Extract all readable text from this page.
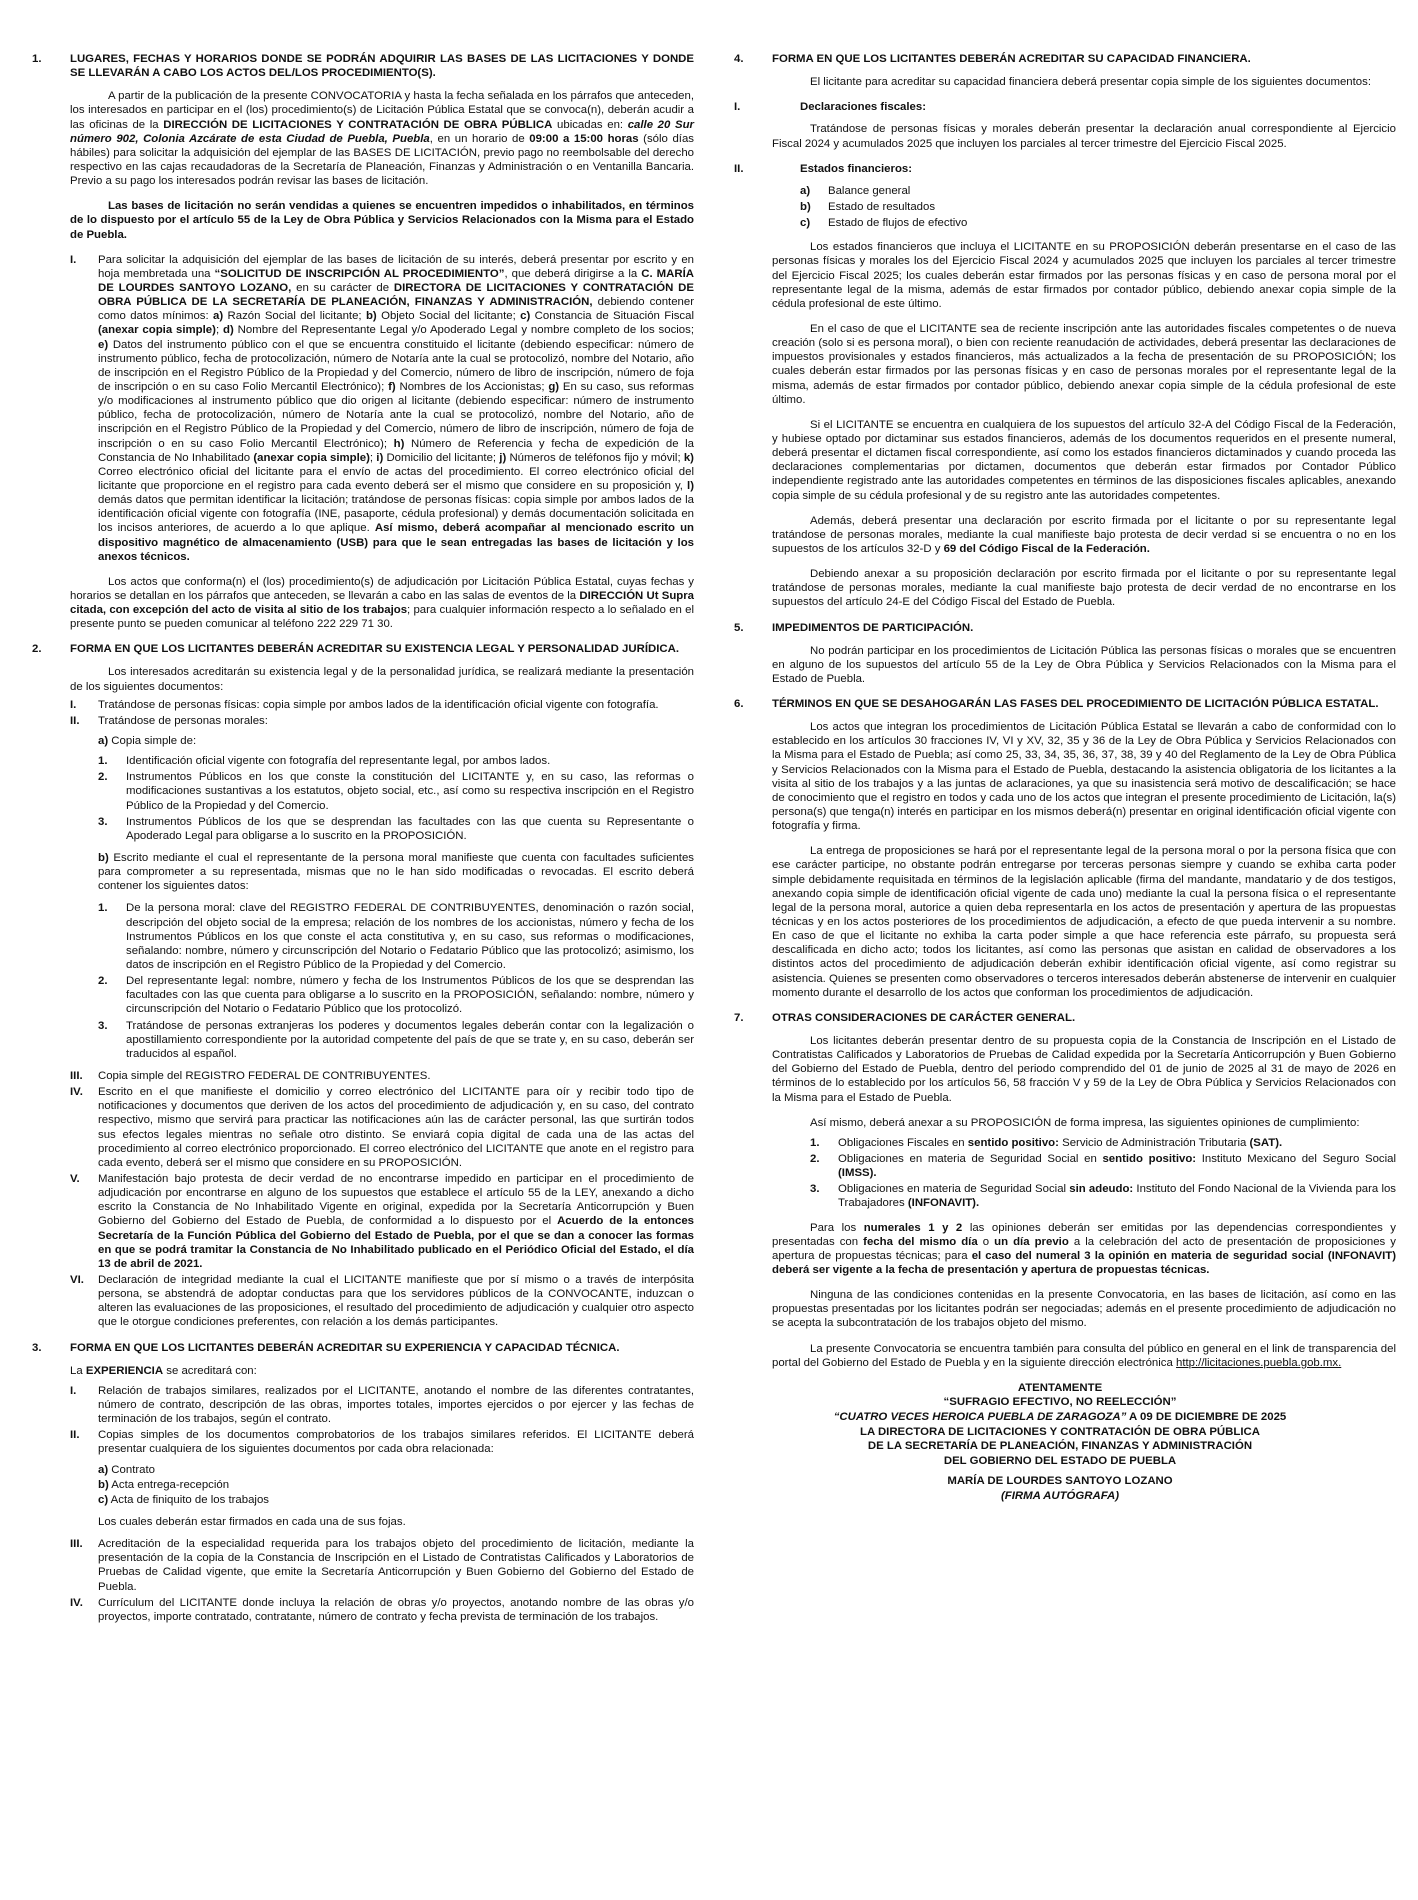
1.	LUGARES, FECHAS Y HORARIOS DONDE SE PODRÁN ADQUIRIR LAS BASES DE LAS LICITACIONES Y DONDE SE LLEVARÁN A CABO LOS ACTOS DEL/LOS PROCEDIMIENTO(S).

A partir de la publicación de la presente CONVOCATORIA y hasta la fecha señalada en los párrafos que anteceden, los interesados en participar en el (los) procedimiento(s) de Licitación Pública Estatal que se convoca(n), deberán acudir a las oficinas de la DIRECCIÓN DE LICITACIONES Y CONTRATACIÓN DE OBRA PÚBLICA ubicadas en: calle 20 Sur número 902, Colonia Azcárate de esta Ciudad de Puebla, Puebla, en un horario de 09:00 a 15:00 horas (sólo días hábiles) para solicitar la adquisición del ejemplar de las BASES DE LICITACIÓN, previo pago no reembolsable del derecho respectivo en las cajas recaudadoras de la Secretaría de Planeación, Finanzas y Administración o en Ventanilla Bancaria. Previo a su pago los interesados podrán revisar las bases de licitación.

Las bases de licitación no serán vendidas a quienes se encuentren impedidos o inhabilitados, en términos de lo dispuesto por el artículo 55 de la Ley de Obra Pública y Servicios Relacionados con la Misma para el Estado de Puebla.

I.	Para solicitar la adquisición del ejemplar de las bases de licitación de su interés, deberá presentar por escrito y en hoja membretada una “SOLICITUD DE INSCRIPCIÓN AL PROCEDIMIENTO”, que deberá dirigirse a la C. MARÍA DE LOURDES SANTOYO LOZANO, en su carácter de DIRECTORA DE LICITACIONES Y CONTRATACIÓN DE OBRA PÚBLICA DE LA SECRETARÍA DE PLANEACIÓN, FINANZAS Y ADMINISTRACIÓN, debiendo contener como datos mínimos: a) Razón Social del licitante; b) Objeto Social del licitante; c) Constancia de Situación Fiscal (anexar copia simple); d) Nombre del Representante Legal y/o Apoderado Legal y nombre completo de los socios; e) Datos del instrumento público con el que se encuentra constituido el licitante (debiendo especificar: número de instrumento público, fecha de protocolización, número de Notaría ante la cual se protocolizó, nombre del Notario, año de inscripción en el Registro Público de la Propiedad y del Comercio, número de libro de inscripción, número de foja de inscripción o en su caso Folio Mercantil Electrónico); f) Nombres de los Accionistas; g) En su caso, sus reformas y/o modificaciones al instrumento público que dio origen al licitante (debiendo especificar: número de instrumento público, fecha de protocolización, número de Notaría ante la cual se protocolizó, nombre del Notario, año de inscripción en el Registro Público de la Propiedad y del Comercio, número de libro de inscripción, número de foja de inscripción o en su caso Folio Mercantil Electrónico); h) Número de Referencia y fecha de expedición de la Constancia de No Inhabilitado (anexar copia simple); i) Domicilio del licitante; j) Números de teléfonos fijo y móvil; k) Correo electrónico oficial del licitante para el envío de actas del procedimiento. El correo electrónico oficial del licitante que proporcione en el registro para cada evento deberá ser el mismo que considere en su proposición y, l) demás datos que permitan identificar la licitación; tratándose de personas físicas: copia simple por ambos lados de la identificación oficial vigente con fotografía (INE, pasaporte, cédula profesional) y demás documentación solicitada en los incisos anteriores, de acuerdo a lo que aplique. Así mismo, deberá acompañar al mencionado escrito un dispositivo magnético de almacenamiento (USB) para que le sean entregadas las bases de licitación y los anexos técnicos.

Los actos que conforma(n) el (los) procedimiento(s) de adjudicación por Licitación Pública Estatal, cuyas fechas y horarios se detallan en los párrafos que anteceden, se llevarán a cabo en las salas de eventos de la DIRECCIÓN Ut Supra citada, con excepción del acto de visita al sitio de los trabajos; para cualquier información respecto a lo señalado en el presente punto se pueden comunicar al teléfono 222 229 71 30.

2.	FORMA EN QUE LOS LICITANTES DEBERÁN ACREDITAR SU EXISTENCIA LEGAL Y PERSONALIDAD JURÍDICA.

Los interesados acreditarán su existencia legal y de la personalidad jurídica, se realizará mediante la presentación de los siguientes documentos:

I.	Tratándose de personas físicas: copia simple por ambos lados de la identificación oficial vigente con fotografía.
II.	Tratándose de personas morales:

a) Copia simple de:

1.	Identificación oficial vigente con fotografía del representante legal, por ambos lados.
2.	Instrumentos Públicos en los que conste la constitución del LICITANTE y, en su caso, las reformas o modificaciones sustantivas a los estatutos, objeto social, etc., así como su respectiva inscripción en el Registro Público de la Propiedad y del Comercio.
3.	Instrumentos Públicos de los que se desprendan las facultades con las que cuenta su Representante o Apoderado Legal para obligarse a lo suscrito en la PROPOSICIÓN.

b) Escrito mediante el cual el representante de la persona moral manifieste que cuenta con facultades suficientes para comprometer a su representada, mismas que no le han sido modificadas o revocadas. El escrito deberá contener los siguientes datos:

1.	De la persona moral: clave del REGISTRO FEDERAL DE CONTRIBUYENTES, denominación o razón social, descripción del objeto social de la empresa; relación de los nombres de los accionistas, número y fecha de los Instrumentos Públicos en los que conste el acta constitutiva y, en su caso, sus reformas o modificaciones, señalando: nombre, número y circunscripción del Notario o Fedatario Público que las protocolizó; asimismo, los datos de inscripción en el Registro Público de la Propiedad y del Comercio.
2.	Del representante legal: nombre, número y fecha de los Instrumentos Públicos de los que se desprendan las facultades con las que cuenta para obligarse a lo suscrito en la PROPOSICIÓN, señalando: nombre, número y circunscripción del Notario o Fedatario Público que los protocolizó.
3.	Tratándose de personas extranjeras los poderes y documentos legales deberán contar con la legalización o apostillamiento correspondiente por la autoridad competente del país de que se trate y, en su caso, deberán ser traducidos al español.
III.	Copia simple del REGISTRO FEDERAL DE CONTRIBUYENTES.
IV.	Escrito en el que manifieste el domicilio y correo electrónico del LICITANTE para oír y recibir todo tipo de notificaciones y documentos que deriven de los actos del procedimiento de adjudicación y, en su caso, del contrato respectivo, mismo que servirá para practicar las notificaciones aún las de carácter personal, las que surtirán todos sus efectos legales mientras no señale otro distinto. Se enviará copia digital de cada una de las actas del procedimiento al correo electrónico proporcionado. El correo electrónico del LICITANTE que anote en el registro para cada evento, deberá ser el mismo que considere en su PROPOSICIÓN.
V.	Manifestación bajo protesta de decir verdad de no encontrarse impedido en participar en el procedimiento de adjudicación por encontrarse en alguno de los supuestos que establece el artículo 55 de la LEY, anexando a dicho escrito la Constancia de No Inhabilitado Vigente en original, expedida por la Secretaría Anticorrupción y Buen Gobierno del Gobierno del Estado de Puebla, de conformidad a lo dispuesto por el Acuerdo de la entonces Secretaría de la Función Pública del Gobierno del Estado de Puebla, por el que se dan a conocer las formas en que se podrá tramitar la Constancia de No Inhabilitado publicado en el Periódico Oficial del Estado, el día 13 de abril de 2021.
VI.	Declaración de integridad mediante la cual el LICITANTE manifieste que por sí mismo o a través de interpósita persona, se abstendrá de adoptar conductas para que los servidores públicos de la CONVOCANTE, induzcan o alteren las evaluaciones de las proposiciones, el resultado del procedimiento de adjudicación y cualquier otro aspecto que le otorgue condiciones preferentes, con relación a los demás participantes.
3.	FORMA EN QUE LOS LICITANTES DEBERÁN ACREDITAR SU EXPERIENCIA Y CAPACIDAD TÉCNICA.

La EXPERIENCIA se acreditará con:

I.	Relación de trabajos similares, realizados por el LICITANTE, anotando el nombre de las diferentes contratantes, número de contrato, descripción de las obras, importes totales, importes ejercidos o por ejercer y las fechas de terminación de los trabajos, según el contrato.
II.	Copias simples de los documentos comprobatorios de los trabajos similares referidos. El LICITANTE deberá presentar cualquiera de los siguientes documentos por cada obra relacionada:

a) Contrato

b) Acta entrega-recepción

c) Acta de finiquito de los trabajos

Los cuales deberán estar firmados en cada una de sus fojas.

III.	Acreditación de la especialidad requerida para los trabajos objeto del procedimiento de licitación, mediante la presentación de la copia de la Constancia de Inscripción en el Listado de Contratistas Calificados y Laboratorios de Pruebas de Calidad vigente, que emite la Secretaría Anticorrupción y Buen Gobierno del Gobierno del Estado de Puebla.
IV.	Currículum del LICITANTE donde incluya la relación de obras y/o proyectos, anotando nombre de las obras y/o proyectos, importe contratado, contratante, número de contrato y fecha prevista de terminación de los trabajos.
4.	FORMA EN QUE LOS LICITANTES DEBERÁN ACREDITAR SU CAPACIDAD FINANCIERA.

El licitante para acreditar su capacidad financiera deberá presentar copia simple de los siguientes documentos:

I.	Declaraciones fiscales:

Tratándose de personas físicas y morales deberán presentar la declaración anual correspondiente al Ejercicio Fiscal 2024 y acumulados 2025 que incluyen los parciales al tercer trimestre del Ejercicio Fiscal 2025.

II.	Estados financieros:
a)	Balance general
b)	Estado de resultados
c)	Estado de flujos de efectivo

Los estados financieros que incluya el LICITANTE en su PROPOSICIÓN deberán presentarse en el caso de las personas físicas y morales los del Ejercicio Fiscal 2024 y acumulados 2025 que incluyen los parciales al tercer trimestre del Ejercicio Fiscal 2025; los cuales deberán estar firmados por las personas físicas y en caso de persona moral por el representante legal de la misma, además de estar firmados por contador público, debiendo anexar copia simple de la cédula profesional de este último.

En el caso de que el LICITANTE sea de reciente inscripción ante las autoridades fiscales competentes o de nueva creación (solo si es persona moral), o bien con reciente reanudación de actividades, deberá presentar las declaraciones de impuestos provisionales y estados financieros, más actualizados a la fecha de presentación de su PROPOSICIÓN; los cuales deberán estar firmados por las personas físicas y en caso de personas morales por el representante legal de la misma, además de estar firmados por contador público, debiendo anexar copia simple de la cédula profesional de este último.

Si el LICITANTE se encuentra en cualquiera de los supuestos del artículo 32-A del Código Fiscal de la Federación, y hubiese optado por dictaminar sus estados financieros, además de los documentos requeridos en el presente numeral, deberá presentar el dictamen fiscal correspondiente, así como los estados financieros dictaminados y cuando proceda las declaraciones complementarias por dictamen, documentos que deberán estar firmados por Contador Público independiente registrado ante las autoridades competentes en términos de las disposiciones fiscales aplicables, anexando copia simple de su cédula profesional y de su registro ante las autoridades competentes.

Además, deberá presentar una declaración por escrito firmada por el licitante o por su representante legal tratándose de personas morales, mediante la cual manifieste bajo protesta de decir verdad si se encuentra o no en los supuestos de los artículos 32-D y 69 del Código Fiscal de la Federación.

Debiendo anexar a su proposición declaración por escrito firmada por el licitante o por su representante legal tratándose de personas morales, mediante la cual manifieste bajo protesta de decir verdad de no encontrarse en los supuestos del artículo 24-E del Código Fiscal del Estado de Puebla.

5.	IMPEDIMENTOS DE PARTICIPACIÓN.

No podrán participar en los procedimientos de Licitación Pública las personas físicas o morales que se encuentren en alguno de los supuestos del artículo 55 de la Ley de Obra Pública y Servicios Relacionados con la Misma para el Estado de Puebla.

6.	TÉRMINOS EN QUE SE DESAHOGARÁN LAS FASES DEL PROCEDIMIENTO DE LICITACIÓN PÚBLICA ESTATAL.

Los actos que integran los procedimientos de Licitación Pública Estatal se llevarán a cabo de conformidad con lo establecido en los artículos 30 fracciones IV, VI y XV, 32, 35 y 36 de la Ley de Obra Pública y Servicios Relacionados con la Misma para el Estado de Puebla; así como 25, 33, 34, 35, 36, 37, 38, 39 y 40 del Reglamento de la Ley de Obra Pública y Servicios Relacionados con la Misma para el Estado de Puebla, destacando la asistencia obligatoria de los licitantes a la visita al sitio de los trabajos y a las juntas de aclaraciones, ya que su inasistencia será motivo de descalificación; se hace de conocimiento que el registro en todos y cada uno de los actos que integran el presente procedimiento de Licitación, la(s) persona(s) que tenga(n) interés en participar en los mismos deberá(n) presentar en original identificación oficial vigente con fotografía y firma.

La entrega de proposiciones se hará por el representante legal de la persona moral o por la persona física que con ese carácter participe, no obstante podrán entregarse por terceras personas siempre y cuando se exhiba carta poder simple debidamente requisitada en términos de la legislación aplicable (firma del mandante, mandatario y de dos testigos, anexando copia simple de identificación oficial vigente de cada uno) mediante la cual la persona física o el representante legal de la persona moral, autorice a quien deba representarla en los actos de presentación y apertura de las propuestas técnicas y en los actos posteriores de los procedimientos de adjudicación, a efecto de que pueda intervenir a su nombre. En caso de que el licitante no exhiba la carta poder simple a que hace referencia este párrafo, su propuesta será descalificada en dicho acto; todos los licitantes, así como las personas que asistan en calidad de observadores a los distintos actos del procedimiento de adjudicación deberán exhibir identificación oficial vigente, así como registrar su asistencia. Quienes se presenten como observadores o terceros interesados deberán abstenerse de intervenir en cualquier momento durante el desarrollo de los actos que conforman los procedimientos de adjudicación.

7.	OTRAS CONSIDERACIONES DE CARÁCTER GENERAL.

Los licitantes deberán presentar dentro de su propuesta copia de la Constancia de Inscripción en el Listado de Contratistas Calificados y Laboratorios de Pruebas de Calidad expedida por la Secretaría Anticorrupción y Buen Gobierno del Gobierno del Estado de Puebla, dentro del periodo comprendido del 01 de junio de 2025 al 31 de mayo de 2026 en términos de lo establecido por los artículos 56, 58 fracción V y 59 de la Ley de Obra Pública y Servicios Relacionados con la Misma para el Estado de Puebla.

Así mismo, deberá anexar a su PROPOSICIÓN de forma impresa, las siguientes opiniones de cumplimiento:

1.	Obligaciones Fiscales en sentido positivo: Servicio de Administración Tributaria (SAT).
2.	Obligaciones en materia de Seguridad Social en sentido positivo: Instituto Mexicano del Seguro Social (IMSS).
3.	Obligaciones en materia de Seguridad Social sin adeudo: Instituto del Fondo Nacional de la Vivienda para los Trabajadores (INFONAVIT).

Para los numerales 1 y 2 las opiniones deberán ser emitidas por las dependencias correspondientes y presentadas con fecha del mismo día o un día previo a la celebración del acto de presentación de proposiciones y apertura de propuestas técnicas; para el caso del numeral 3 la opinión en materia de seguridad social (INFONAVIT) deberá ser vigente a la fecha de presentación y apertura de propuestas técnicas.

Ninguna de las condiciones contenidas en la presente Convocatoria, en las bases de licitación, así como en las propuestas presentadas por los licitantes podrán ser negociadas; además en el presente procedimiento de adjudicación no se acepta la subcontratación de los trabajos objeto del mismo.

La presente Convocatoria se encuentra también para consulta del público en general en el link de transparencia del portal del Gobierno del Estado de Puebla y en la siguiente dirección electrónica http://licitaciones.puebla.gob.mx.

ATENTAMENTE
“SUFRAGIO EFECTIVO, NO REELECCIÓN”
“CUATRO VECES HEROICA PUEBLA DE ZARAGOZA” A 09 DE DICIEMBRE DE 2025
LA DIRECTORA DE LICITACIONES Y CONTRATACIÓN DE OBRA PÚBLICA
DE LA SECRETARÍA DE PLANEACIÓN, FINANZAS Y ADMINISTRACIÓN
DEL GOBIERNO DEL ESTADO DE PUEBLA
MARÍA DE LOURDES SANTOYO LOZANO
(FIRMA AUTÓGRAFA)
